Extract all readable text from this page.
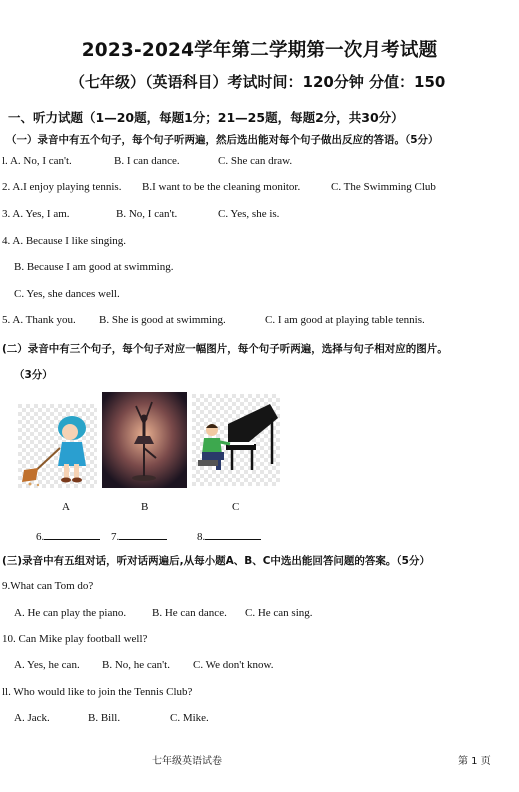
2023-2024学年第二学期第一次月考试题
（七年级）（英语科目）考试时间：120分钟 分值：150
一、听力试题（1—20题，每题1分；21—25题，每题2分，共30分）
（一）录音中有五个句子，每个句子听两遍，然后选出能对每个句子做出反应的答语。（5分）
l. A. No, I can't.	B. I can dance.	C. She can draw.
2. A.I enjoy playing tennis. B.I want to be the cleaning monitor.	C. The Swimming Club
3. A. Yes, I am.	B. No, I can't.	C. Yes, she is.
4. A. Because I like singing.
B. Because I am good at swimming.
C. Yes, she dances well.
5. A. Thank you. B. She is good at swimming.	C. I am good at playing table tennis.
(二）录音中有三个句子，每个句子对应一幅图片，每个句子听两遍，选择与句子相对应的图片。
（3分）
A	B	C
6.	7.	8.
(三)录音中有五组对话，听对话两遍后,从每小题A、B、C中选出能回答问题的答案。（5分）
9.What can Tom do?
A. He can play the piano. B. He can dance. C. He can sing.
10. Can Mike play football well?
A. Yes, he can. B. No, he can't. C. We don't know.
ll. Who would like to join the Tennis Club?
A. Jack.	B. Bill.	C. Mike.
七年级英语试卷	第 1 页
